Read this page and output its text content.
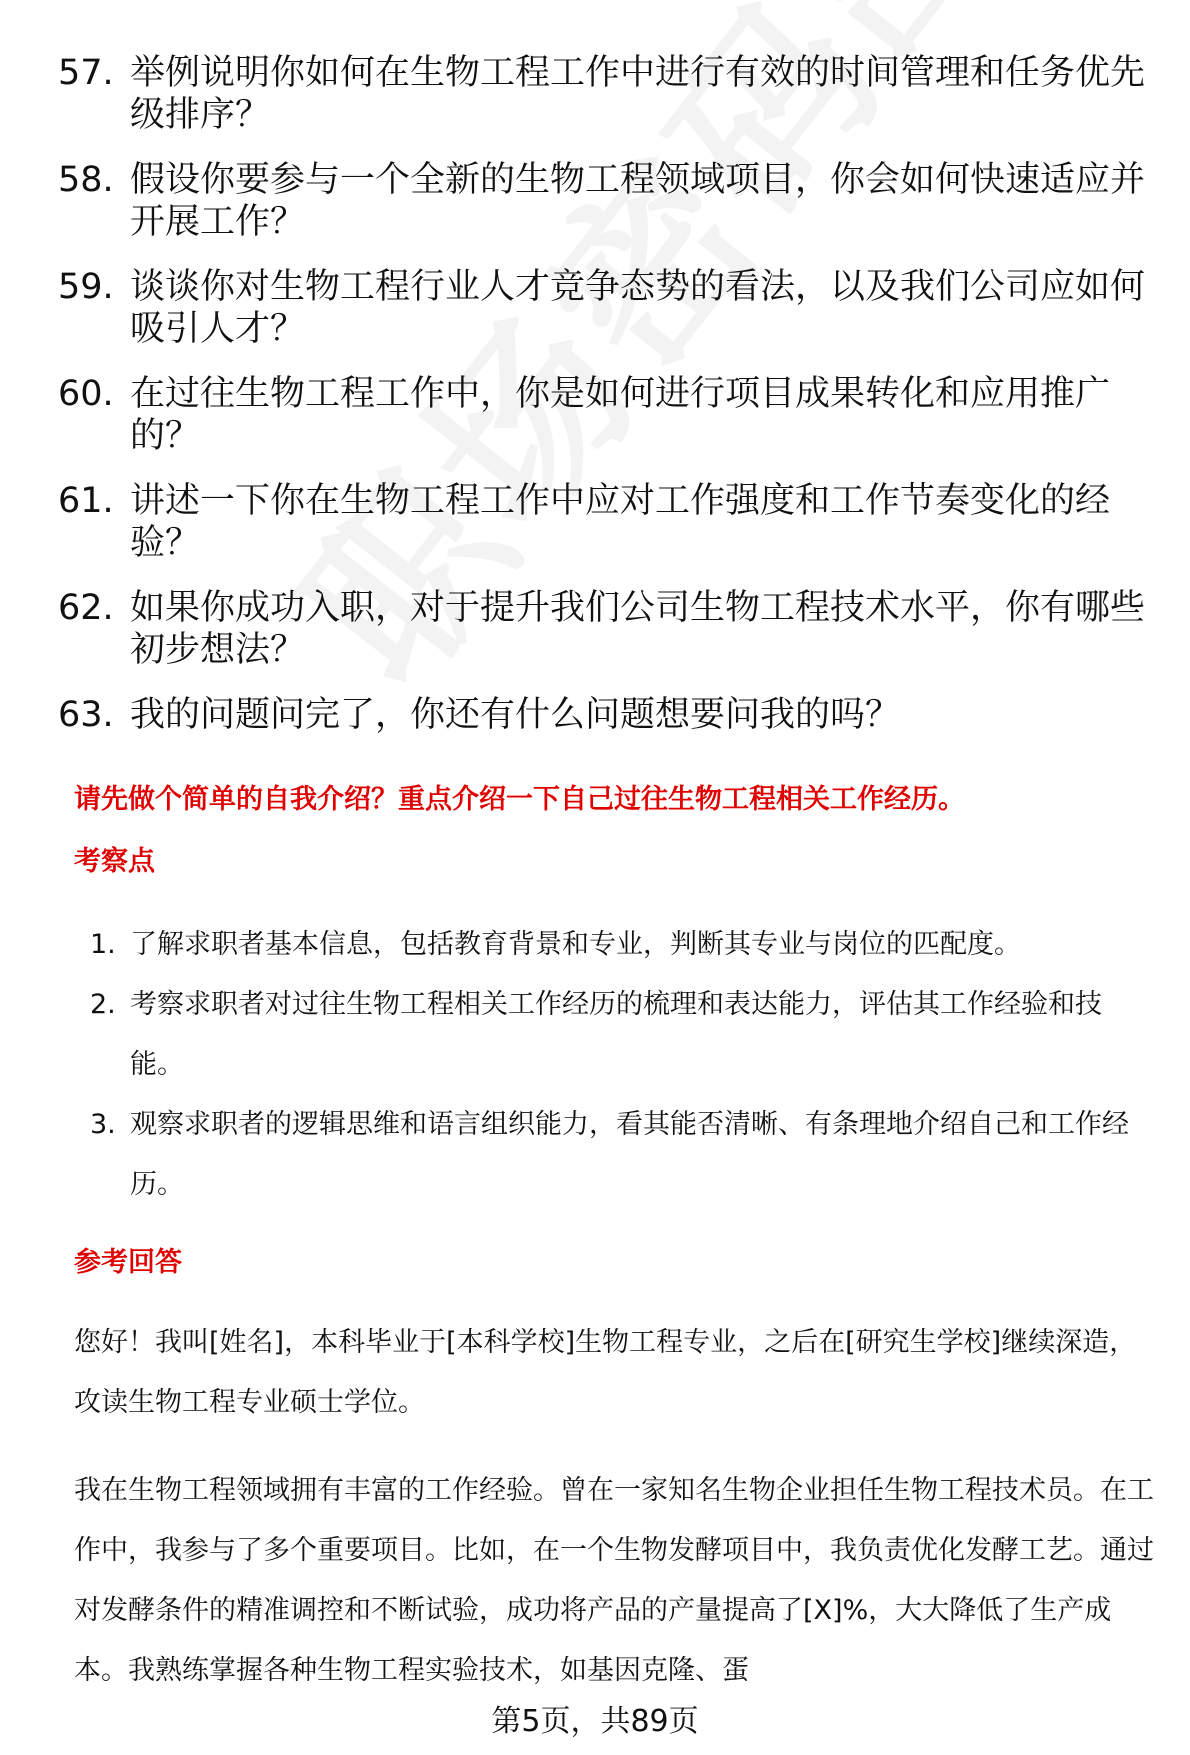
57. 举例说明你如何在生物工程工作中进行有效的时间管理和任务优先级排序？
58. 假设你要参与一个全新的生物工程领域项目，你会如何快速适应并开展工作？
59. 谈谈你对生物工程行业人才竞争态势的看法，以及我们公司应如何吸引人才？
60. 在过往生物工程工作中，你是如何进行项目成果转化和应用推广的？
61. 讲述一下你在生物工程工作中应对工作强度和工作节奏变化的经验？
62. 如果你成功入职，对于提升我们公司生物工程技术水平，你有哪些初步想法？
63. 我的问题问完了，你还有什么问题想要问我的吗？
请先做个简单的自我介绍？重点介绍一下自己过往生物工程相关工作经历。
考察点
1. 了解求职者基本信息，包括教育背景和专业，判断其专业与岗位的匹配度。
2. 考察求职者对过往生物工程相关工作经历的梳理和表达能力，评估其工作经验和技能。
3. 观察求职者的逻辑思维和语言组织能力，看其能否清晰、有条理地介绍自己和工作经历。
参考回答

您好！我叫[姓名]，本科毕业于[本科学校]生物工程专业，之后在[研究生学校]继续深造，攻读生物工程专业硕士学位。

我在生物工程领域拥有丰富的工作经验。曾在一家知名生物企业担任生物工程技术员。在工作中，我参与了多个重要项目。比如，在一个生物发酵项目中，我负责优化发酵工艺。通过对发酵条件的精准调控和不断试验，成功将产品的产量提高了[X]%，大大降低了生产成本。我熟练掌握各种生物工程实验技术，如基因克隆、蛋

第5页，共89页
